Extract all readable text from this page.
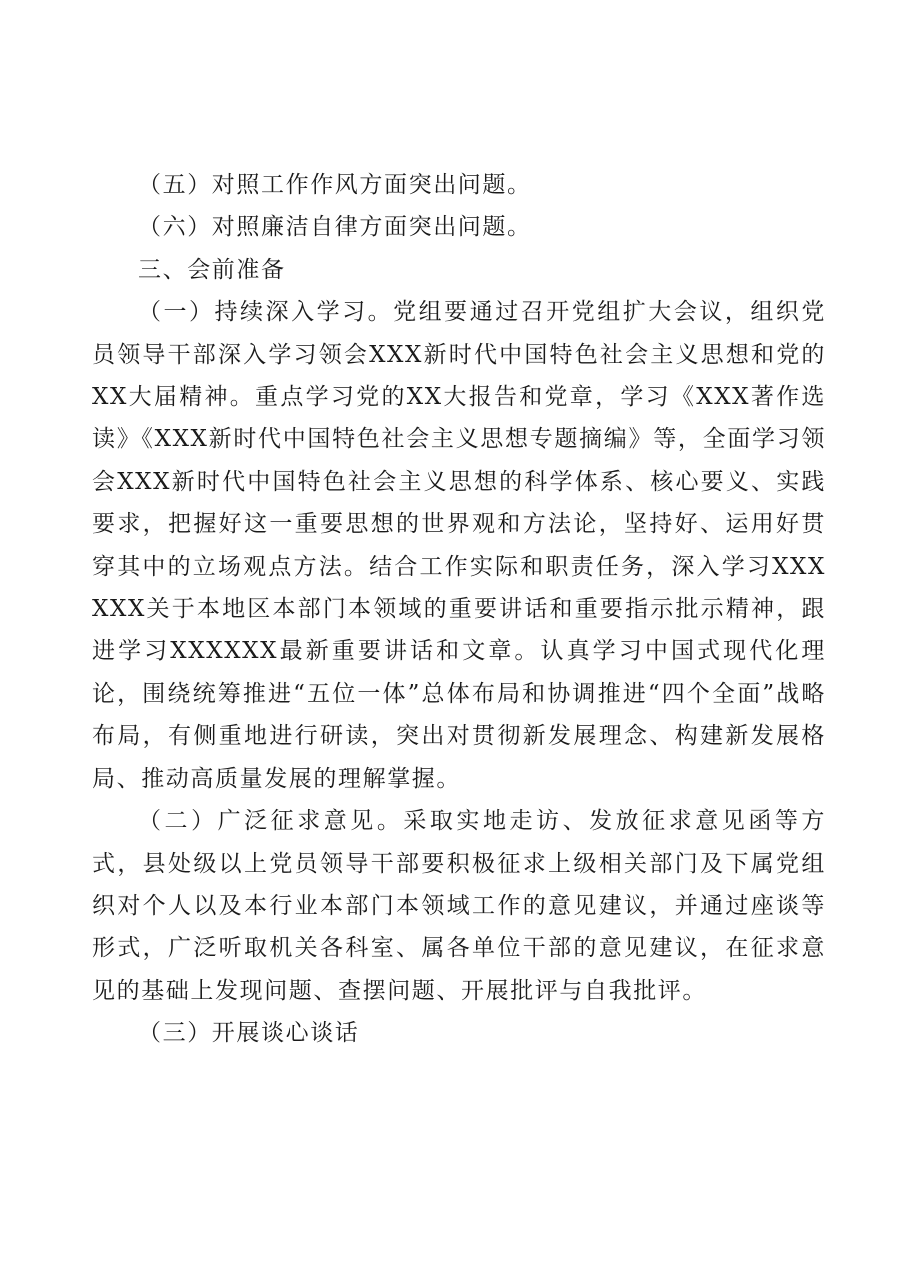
（五）对照工作作风方面突出问题。

（六）对照廉洁自律方面突出问题。

三、会前准备

（一）持续深入学习。党组要通过召开党组扩大会议，组织党员领导干部深入学习领会XXX新时代中国特色社会主义思想和党的XX大届精神。重点学习党的XX大报告和党章，学习《XXX著作选读》《XXX新时代中国特色社会主义思想专题摘编》等，全面学习领会XXX新时代中国特色社会主义思想的科学体系、核心要义、实践要求，把握好这一重要思想的世界观和方法论，坚持好、运用好贯穿其中的立场观点方法。结合工作实际和职责任务，深入学习XXXXXX关于本地区本部门本领域的重要讲话和重要指示批示精神，跟进学习XXXXXX最新重要讲话和文章。认真学习中国式现代化理论，围绕统筹推进“五位一体”总体布局和协调推进“四个全面”战略布局，有侧重地进行研读，突出对贯彻新发展理念、构建新发展格局、推动高质量发展的理解掌握。

（二）广泛征求意见。采取实地走访、发放征求意见函等方式，县处级以上党员领导干部要积极征求上级相关部门及下属党组织对个人以及本行业本部门本领域工作的意见建议，并通过座谈等形式，广泛听取机关各科室、属各单位干部的意见建议，在征求意见的基础上发现问题、查摆问题、开展批评与自我批评。

（三）开展谈心谈话
